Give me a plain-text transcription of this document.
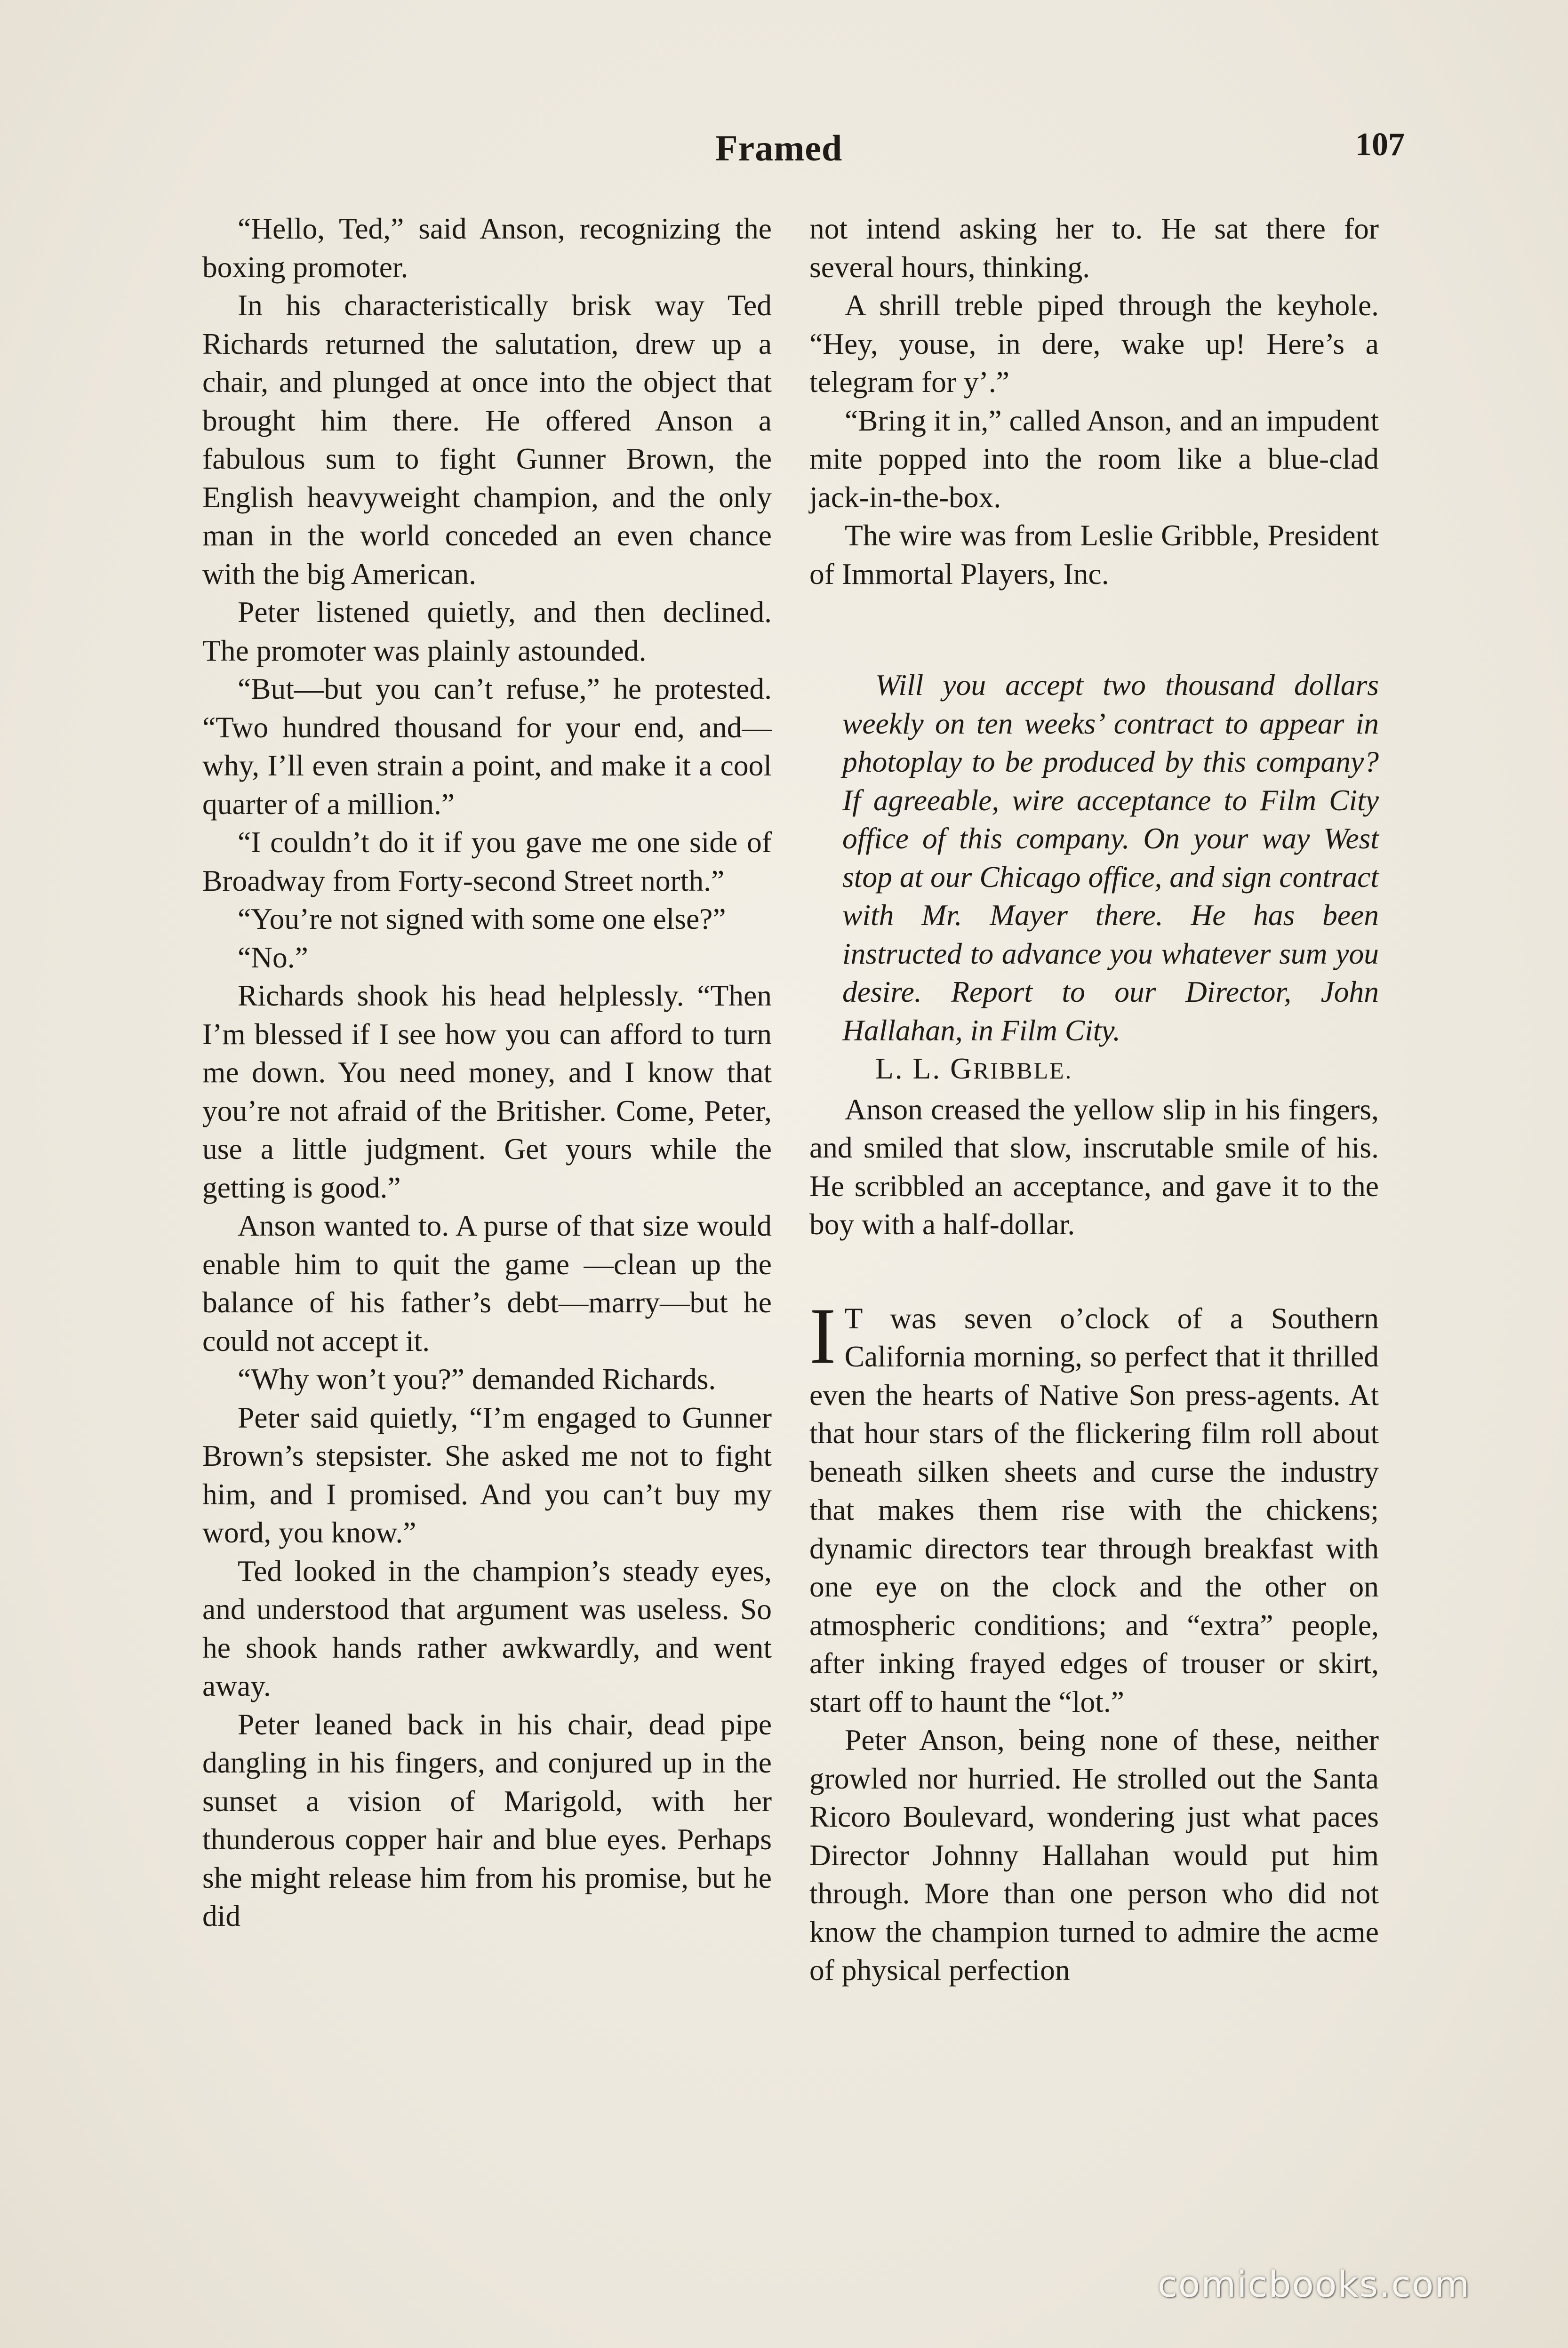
Framed	107

“Hello, Ted,” said Anson, recognizing the boxing promoter.

In his characteristically brisk way Ted Richards returned the salutation, drew up a chair, and plunged at once into the object that brought him there. He offered Anson a fabulous sum to fight Gunner Brown, the English heavyweight champion, and the only man in the world conceded an even chance with the big American.

Peter listened quietly, and then declined. The promoter was plainly astounded.

“But—but you can’t refuse,” he protested. “Two hundred thousand for your end, and—why, I’ll even strain a point, and make it a cool quarter of a million.”

“I couldn’t do it if you gave me one side of Broadway from Forty-second Street north.”

“You’re not signed with some one else?”

“No.”

Richards shook his head helplessly. “Then I’m blessed if I see how you can afford to turn me down. You need money, and I know that you’re not afraid of the Britisher. Come, Peter, use a little judgment. Get yours while the getting is good.”

Anson wanted to. A purse of that size would enable him to quit the game —clean up the balance of his father’s debt—marry—but he could not accept it.

“Why won’t you?” demanded Richards.

Peter said quietly, “I’m engaged to Gunner Brown’s stepsister. She asked me not to fight him, and I promised. And you can’t buy my word, you know.”

Ted looked in the champion’s steady eyes, and understood that argument was useless. So he shook hands rather awkwardly, and went away.

Peter leaned back in his chair, dead pipe dangling in his fingers, and conjured up in the sunset a vision of Marigold, with her thunderous copper hair and blue eyes. Perhaps she might release him from his promise, but he did

not intend asking her to. He sat there for several hours, thinking.

A shrill treble piped through the keyhole. “Hey, youse, in dere, wake up! Here’s a telegram for y’.”

“Bring it in,” called Anson, and an impudent mite popped into the room like a blue-clad jack-in-the-box.

The wire was from Leslie Gribble, President of Immortal Players, Inc.

Will you accept two thousand dollars weekly on ten weeks’ contract to appear in photoplay to be produced by this company? If agreeable, wire acceptance to Film City office of this company. On your way West stop at our Chicago office, and sign contract with Mr. Mayer there. He has been instructed to advance you whatever sum you desire. Report to our Director, John Hallahan, in Film City.

L. L. GRIBBLE.

Anson creased the yellow slip in his fingers, and smiled that slow, inscrutable smile of his. He scribbled an acceptance, and gave it to the boy with a half-dollar.

I T was seven o’clock of a Southern California morning, so perfect that it thrilled even the hearts of Native Son press-agents. At that hour stars of the flickering film roll about beneath silken sheets and curse the industry that makes them rise with the chickens; dynamic directors tear through breakfast with one eye on the clock and the other on atmospheric conditions; and “extra” people, after inking frayed edges of trouser or skirt, start off to haunt the “lot.”

Peter Anson, being none of these, neither growled nor hurried. He strolled out the Santa Ricoro Boulevard, wondering just what paces Director Johnny Hallahan would put him through. More than one person who did not know the champion turned to admire the acme of physical perfection

comicbooks.com
